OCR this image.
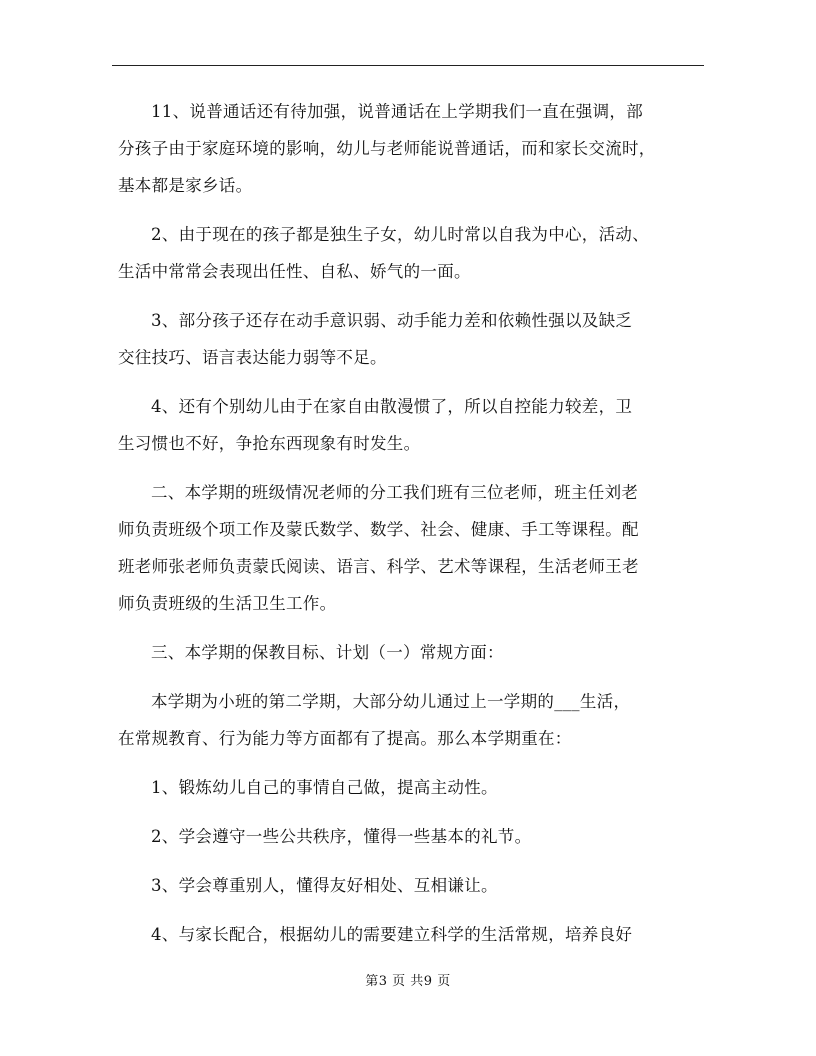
11、说普通话还有待加强，说普通话在上学期我们一直在强调，部
分孩子由于家庭环境的影响，幼儿与老师能说普通话，而和家长交流时，
基本都是家乡话。

2、由于现在的孩子都是独生子女，幼儿时常以自我为中心，活动、
生活中常常会表现出任性、自私、娇气的一面。

3、部分孩子还存在动手意识弱、动手能力差和依赖性强以及缺乏
交往技巧、语言表达能力弱等不足。

4、还有个别幼儿由于在家自由散漫惯了，所以自控能力较差，卫
生习惯也不好，争抢东西现象有时发生。

二、本学期的班级情况老师的分工我们班有三位老师，班主任刘老
师负责班级个项工作及蒙氏数学、数学、社会、健康、手工等课程。配
班老师张老师负责蒙氏阅读、语言、科学、艺术等课程，生活老师王老
师负责班级的生活卫生工作。

三、本学期的保教目标、计划（一）常规方面：

本学期为小班的第二学期，大部分幼儿通过上一学期的___生活，
在常规教育、行为能力等方面都有了提高。那么本学期重在：

1、锻炼幼儿自己的事情自己做，提高主动性。

2、学会遵守一些公共秩序，懂得一些基本的礼节。

3、学会尊重别人，懂得友好相处、互相谦让。

4、与家长配合，根据幼儿的需要建立科学的生活常规，培养良好

第3 页 共9 页
